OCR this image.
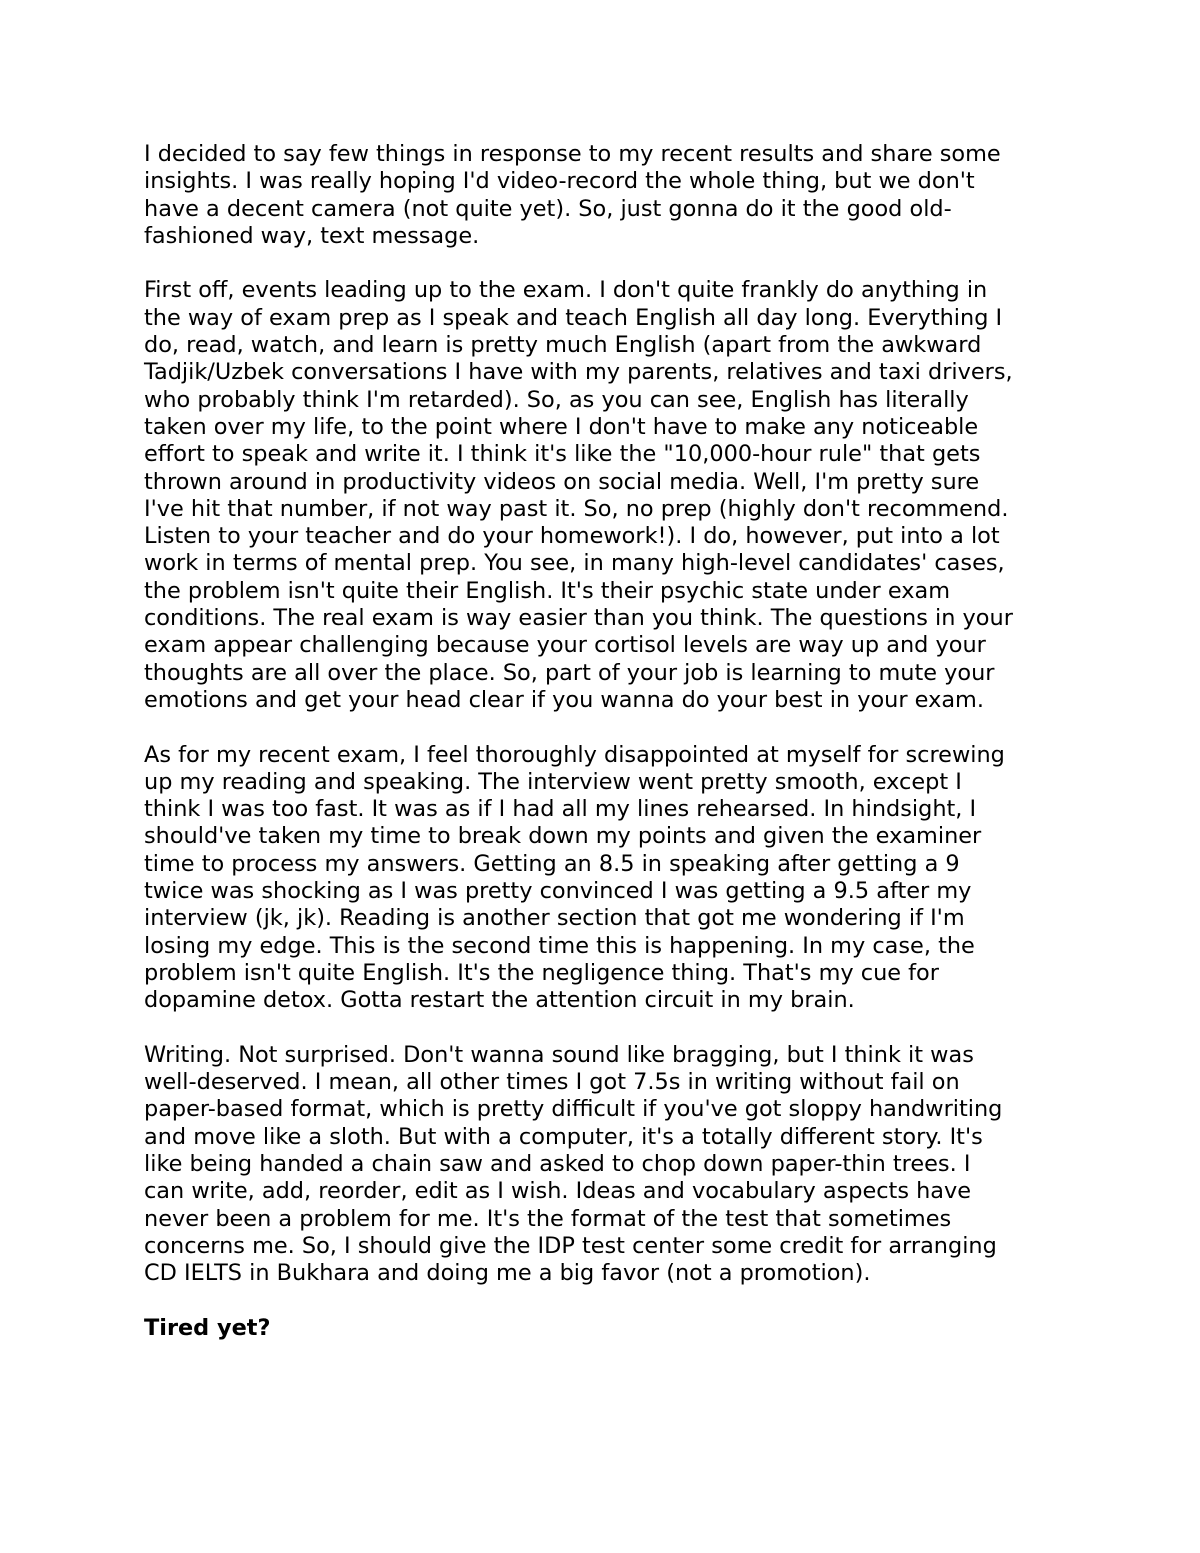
I decided to say few things in response to my recent results and share some
insights. I was really hoping I'd video-record the whole thing, but we don't
have a decent camera (not quite yet). So, just gonna do it the good old-
fashioned way, text message.
First off, events leading up to the exam. I don't quite frankly do anything in
the way of exam prep as I speak and teach English all day long. Everything I
do, read, watch, and learn is pretty much English (apart from the awkward
Tadjik/Uzbek conversations I have with my parents, relatives and taxi drivers,
who probably think I'm retarded). So, as you can see, English has literally
taken over my life, to the point where I don't have to make any noticeable
effort to speak and write it. I think it's like the "10,000-hour rule" that gets
thrown around in productivity videos on social media. Well, I'm pretty sure
I've hit that number, if not way past it. So, no prep (highly don't recommend.
Listen to your teacher and do your homework!). I do, however, put into a lot
work in terms of mental prep. You see, in many high-level candidates' cases,
the problem isn't quite their English. It's their psychic state under exam
conditions. The real exam is way easier than you think. The questions in your
exam appear challenging because your cortisol levels are way up and your
thoughts are all over the place. So, part of your job is learning to mute your
emotions and get your head clear if you wanna do your best in your exam.
As for my recent exam, I feel thoroughly disappointed at myself for screwing
up my reading and speaking. The interview went pretty smooth, except I
think I was too fast. It was as if I had all my lines rehearsed. In hindsight, I
should've taken my time to break down my points and given the examiner
time to process my answers. Getting an 8.5 in speaking after getting a 9
twice was shocking as I was pretty convinced I was getting a 9.5 after my
interview (jk, jk). Reading is another section that got me wondering if I'm
losing my edge. This is the second time this is happening. In my case, the
problem isn't quite English. It's the negligence thing. That's my cue for
dopamine detox. Gotta restart the attention circuit in my brain.
Writing. Not surprised. Don't wanna sound like bragging, but I think it was
well-deserved. I mean, all other times I got 7.5s in writing without fail on
paper-based format, which is pretty difficult if you've got sloppy handwriting
and move like a sloth. But with a computer, it's a totally different story. It's
like being handed a chain saw and asked to chop down paper-thin trees. I
can write, add, reorder, edit as I wish. Ideas and vocabulary aspects have
never been a problem for me. It's the format of the test that sometimes
concerns me. So, I should give the IDP test center some credit for arranging
CD IELTS in Bukhara and doing me a big favor (not a promotion).
Tired yet?
